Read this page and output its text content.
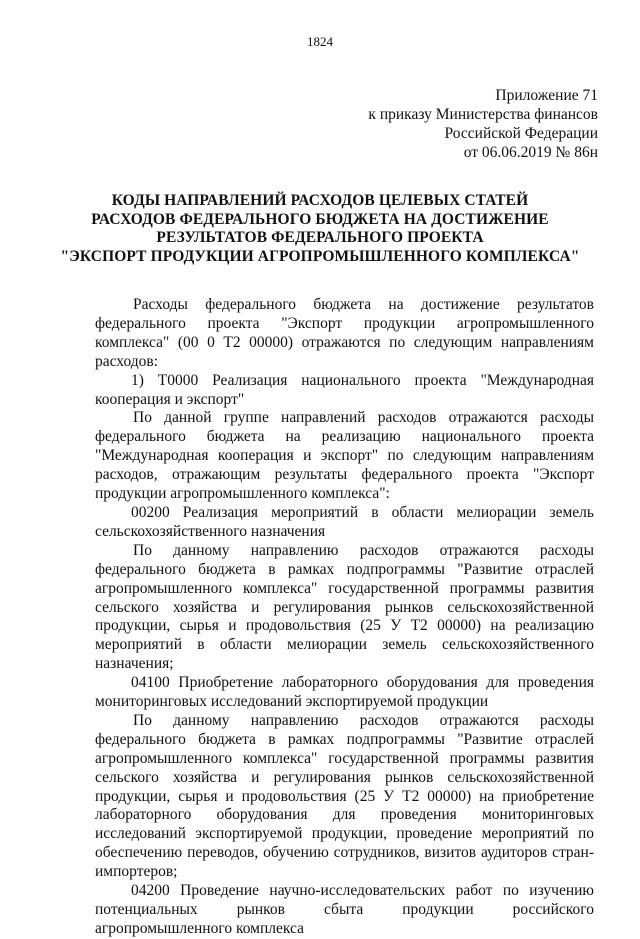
1824
Приложение 71
к приказу Министерства финансов
Российской Федерации
от 06.06.2019 № 86н
КОДЫ НАПРАВЛЕНИЙ РАСХОДОВ ЦЕЛЕВЫХ СТАТЕЙ
РАСХОДОВ ФЕДЕРАЛЬНОГО БЮДЖЕТА НА ДОСТИЖЕНИЕ
РЕЗУЛЬТАТОВ ФЕДЕРАЛЬНОГО ПРОЕКТА
"ЭКСПОРТ ПРОДУКЦИИ АГРОПРОМЫШЛЕННОГО КОМПЛЕКСА"

Расходы федерального бюджета на достижение результатов федерального проекта "Экспорт продукции агропромышленного комплекса" (00 0 Т2 00000) отражаются по следующим направлениям расходов:

1) Т0000 Реализация национального проекта "Международная кооперация и экспорт"

По данной группе направлений расходов отражаются расходы федерального бюджета на реализацию национального проекта "Международная кооперация и экспорт" по следующим направлениям расходов, отражающим результаты федерального проекта "Экспорт продукции агропромышленного комплекса":

00200 Реализация мероприятий в области мелиорации земель сельскохозяйственного назначения

По данному направлению расходов отражаются расходы федерального бюджета в рамках подпрограммы "Развитие отраслей агропромышленного комплекса" государственной программы развития сельского хозяйства и регулирования рынков сельскохозяйственной продукции, сырья и продовольствия (25 У Т2 00000) на реализацию мероприятий в области мелиорации земель сельскохозяйственного назначения;

04100 Приобретение лабораторного оборудования для проведения мониторинговых исследований экспортируемой продукции

По данному направлению расходов отражаются расходы федерального бюджета в рамках подпрограммы "Развитие отраслей агропромышленного комплекса" государственной программы развития сельского хозяйства и регулирования рынков сельскохозяйственной продукции, сырья и продовольствия (25 У Т2 00000) на приобретение лабораторного оборудования для проведения мониторинговых исследований экспортируемой продукции, проведение мероприятий по обеспечению переводов, обучению сотрудников, визитов аудиторов стран-импортеров;

04200 Проведение научно-исследовательских работ по изучению потенциальных рынков сбыта продукции российского агропромышленного комплекса
